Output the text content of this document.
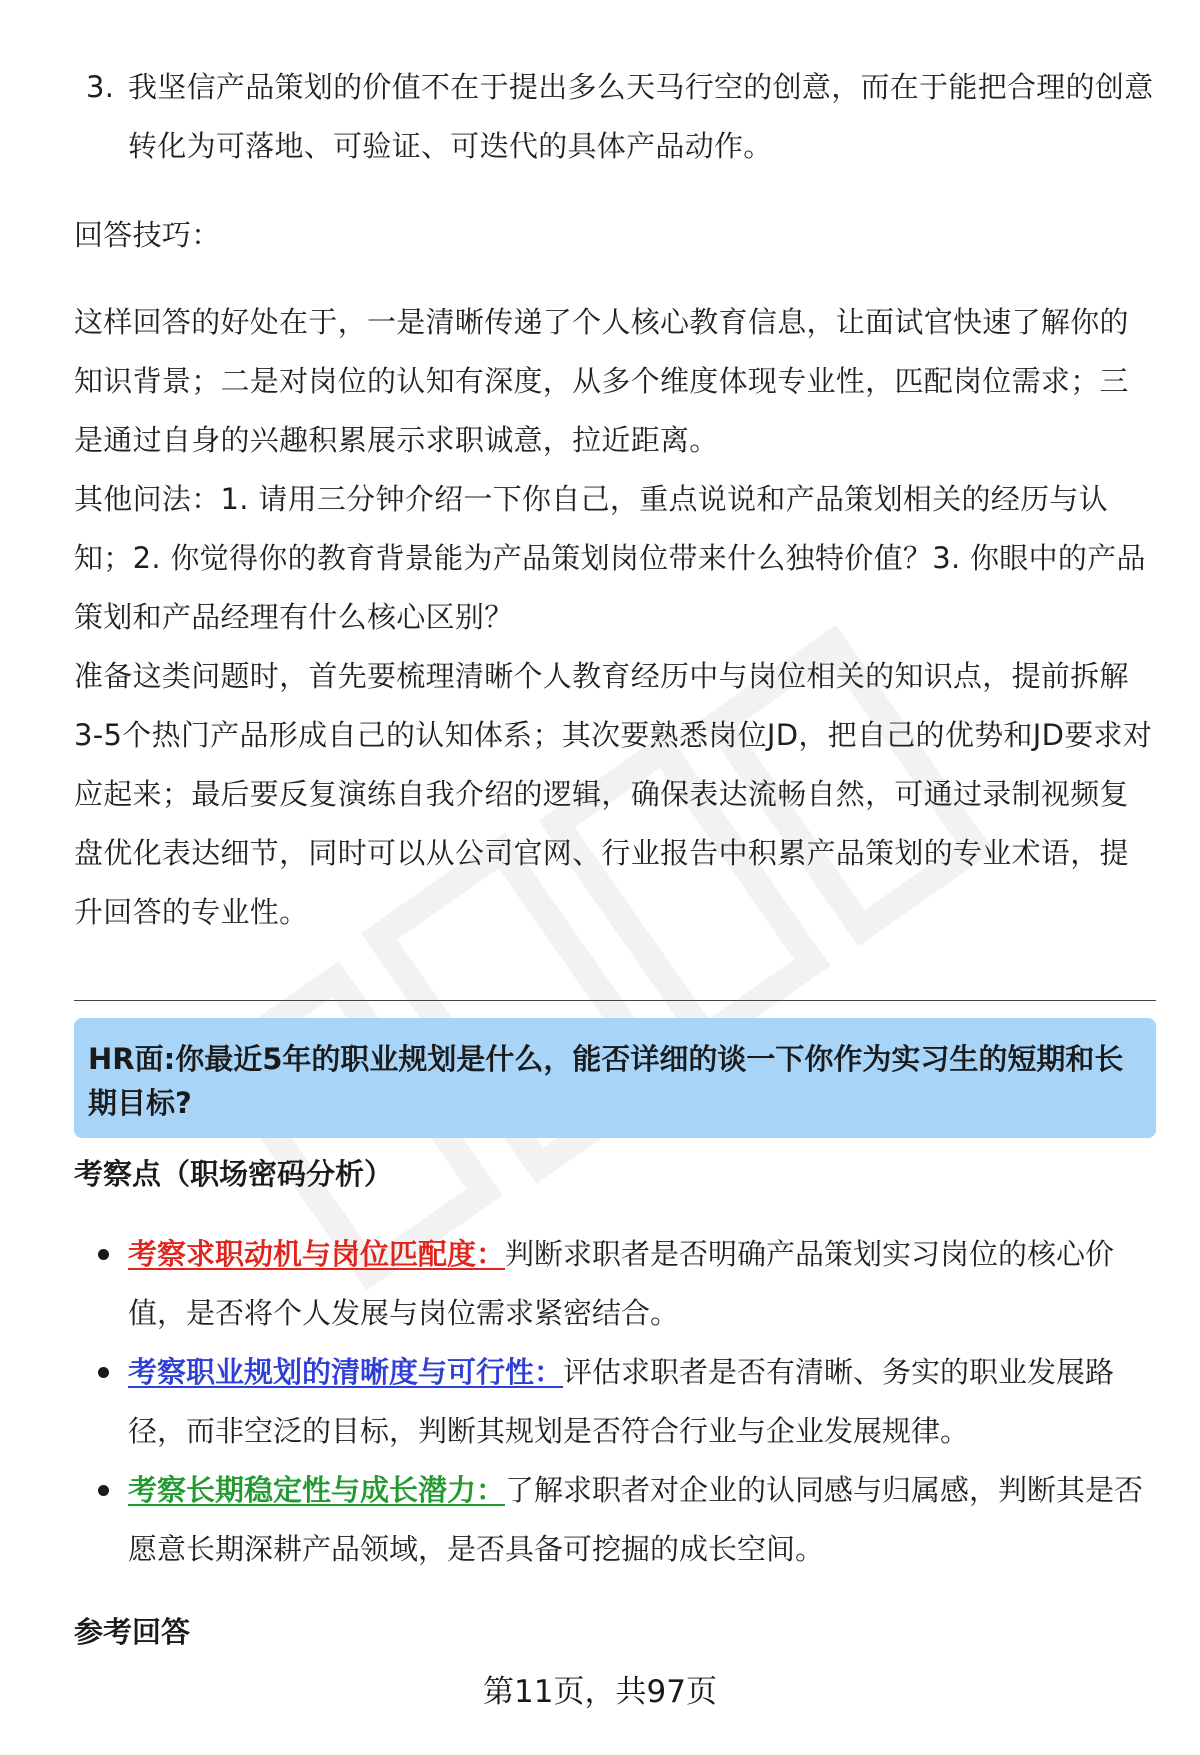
3. 我坚信产品策划的价值不在于提出多么天马行空的创意，而在于能把合理的创意转化为可落地、可验证、可迭代的具体产品动作。

回答技巧：

这样回答的好处在于，一是清晰传递了个人核心教育信息，让面试官快速了解你的知识背景；二是对岗位的认知有深度，从多个维度体现专业性，匹配岗位需求；三是通过自身的兴趣积累展示求职诚意，拉近距离。

其他问法：1. 请用三分钟介绍一下你自己，重点说说和产品策划相关的经历与认知；2. 你觉得你的教育背景能为产品策划岗位带来什么独特价值？3. 你眼中的产品策划和产品经理有什么核心区别？

准备这类问题时，首先要梳理清晰个人教育经历中与岗位相关的知识点，提前拆解3-5个热门产品形成自己的认知体系；其次要熟悉岗位JD，把自己的优势和JD要求对应起来；最后要反复演练自我介绍的逻辑，确保表达流畅自然，可通过录制视频复盘优化表达细节，同时可以从公司官网、行业报告中积累产品策划的专业术语，提升回答的专业性。

HR面:你最近5年的职业规划是什么，能否详细的谈一下你作为实习生的短期和长期目标?
考察点（职场密码分析）
考察求职动机与岗位匹配度：判断求职者是否明确产品策划实习岗位的核心价值，是否将个人发展与岗位需求紧密结合。
考察职业规划的清晰度与可行性：评估求职者是否有清晰、务实的职业发展路径，而非空泛的目标，判断其规划是否符合行业与企业发展规律。
考察长期稳定性与成长潜力：了解求职者对企业的认同感与归属感，判断其是否愿意长期深耕产品领域，是否具备可挖掘的成长空间。
参考回答
第11页，共97页
